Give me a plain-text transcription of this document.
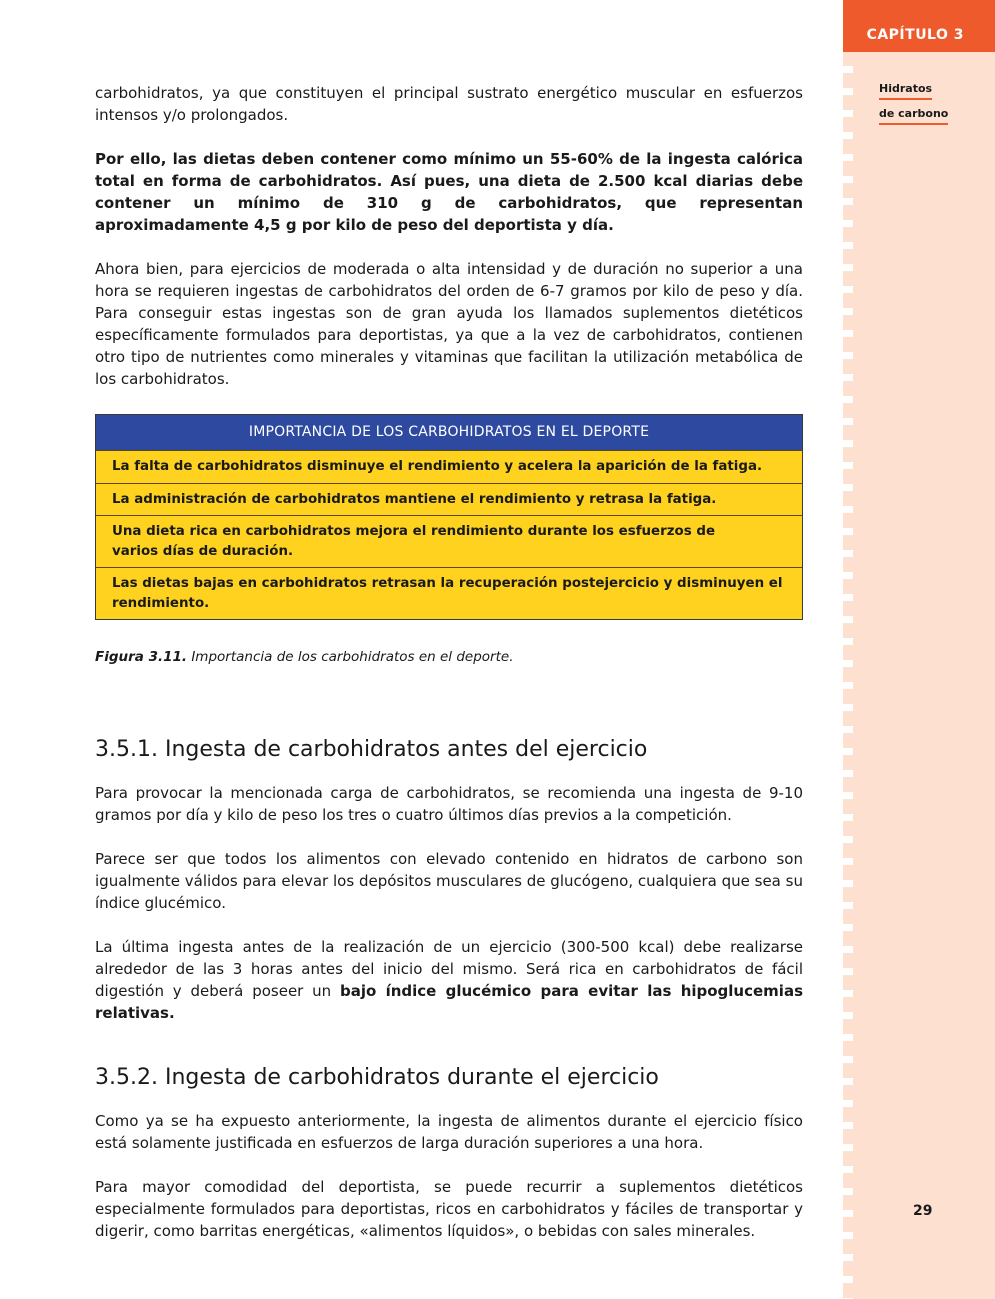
CAPÍTULO 3
Hidratos
de carbono
29

carbohidratos, ya que constituyen el principal sustrato energético muscular en esfuerzos intensos y/o prolongados.

Por ello, las dietas deben contener como mínimo un 55-60% de la ingesta calórica total en forma de carbohidratos. Así pues, una dieta de 2.500 kcal diarias debe contener un mínimo de 310 g de carbohidratos, que representan aproximadamente 4,5 g por kilo de peso del deportista y día.

Ahora bien, para ejercicios de moderada o alta intensidad y de duración no superior a una hora se requieren ingestas de carbohidratos del orden de 6-7 gramos por kilo de peso y día. Para conseguir estas ingestas son de gran ayuda los llamados suplementos dietéticos específicamente formulados para deportistas, ya que a la vez de carbohidratos, contienen otro tipo de nutrientes como minerales y vitaminas que facilitan la utilización metabólica de los carbohidratos.

IMPORTANCIA DE LOS CARBOHIDRATOS EN EL DEPORTE
La falta de carbohidratos disminuye el rendimiento y acelera la aparición de la fatiga.
La administración de carbohidratos mantiene el rendimiento y retrasa la fatiga.
Una dieta rica en carbohidratos mejora el rendimiento durante los esfuerzos de varios días de duración.
Las dietas bajas en carbohidratos retrasan la recuperación postejercicio y disminuyen el rendimiento.
Figura 3.11. Importancia de los carbohidratos en el deporte.
3.5.1. Ingesta de carbohidratos antes del ejercicio

Para provocar la mencionada carga de carbohidratos, se recomienda una ingesta de 9-10 gramos por día y kilo de peso los tres o cuatro últimos días previos a la competición.

Parece ser que todos los alimentos con elevado contenido en hidratos de carbono son igualmente válidos para elevar los depósitos musculares de glucógeno, cualquiera que sea su índice glucémico.

La última ingesta antes de la realización de un ejercicio (300-500 kcal) debe realizarse alrededor de las 3 horas antes del inicio del mismo. Será rica en carbohidratos de fácil digestión y deberá poseer un bajo índice glucémico para evitar las hipoglucemias relativas.

3.5.2. Ingesta de carbohidratos durante el ejercicio

Como ya se ha expuesto anteriormente, la ingesta de alimentos durante el ejercicio físico está solamente justificada en esfuerzos de larga duración superiores a una hora.

Para mayor comodidad del deportista, se puede recurrir a suplementos dietéticos especialmente formulados para deportistas, ricos en carbohidratos y fáciles de transportar y digerir, como barritas energéticas, «alimentos líquidos», o bebidas con sales minerales.
